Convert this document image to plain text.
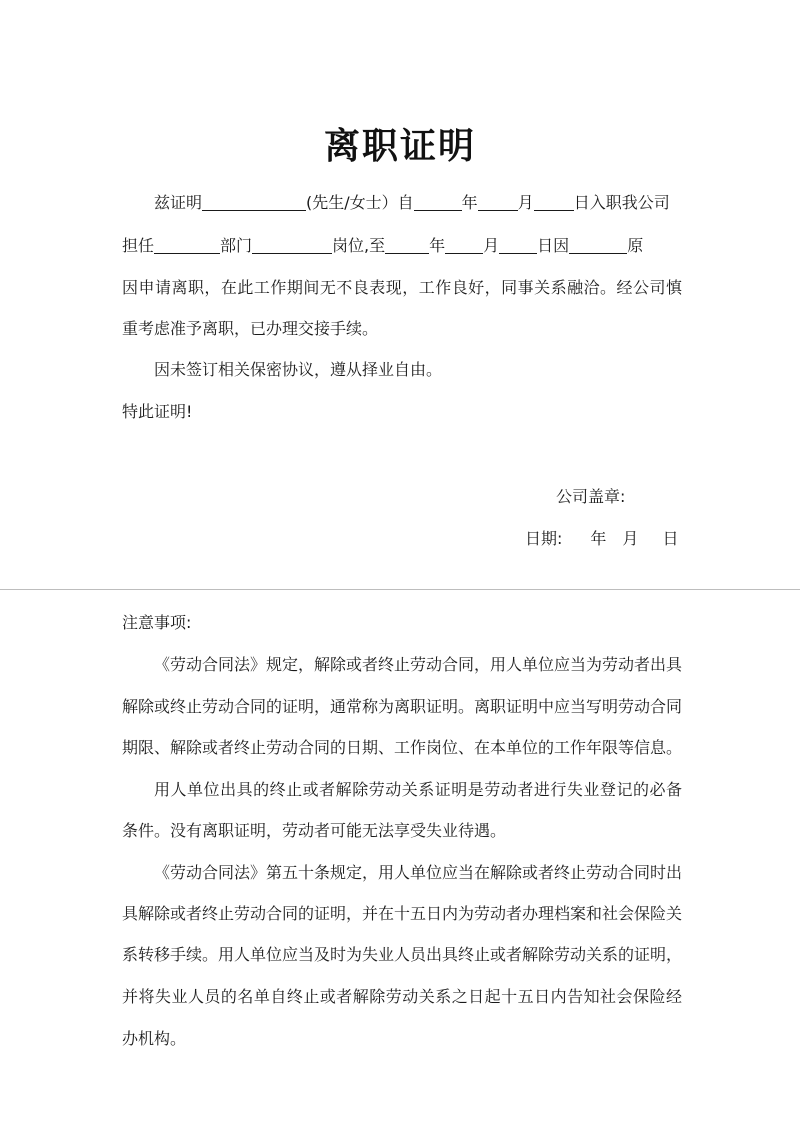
离职证明
兹证明	(先生/女士）自	年	月	日入职我公司
担任	部门	岗位,至	年 月 日因	原
因申请离职，在此工作期间无不良表现，工作良好，同事关系融洽。经公司慎
重考虑准予离职，已办理交接手续。
因未签订相关保密协议，遵从择业自由。
特此证明!
公司盖章:
日期: 年 月 日
注意事项:
《劳动合同法》规定，解除或者终止劳动合同，用人单位应当为劳动者出具
解除或终止劳动合同的证明，通常称为离职证明。离职证明中应当写明劳动合同
期限、解除或者终止劳动合同的日期、工作岗位、在本单位的工作年限等信息。
用人单位出具的终止或者解除劳动关系证明是劳动者进行失业登记的必备
条件。没有离职证明，劳动者可能无法享受失业待遇。
《劳动合同法》第五十条规定，用人单位应当在解除或者终止劳动合同时出
具解除或者终止劳动合同的证明，并在十五日内为劳动者办理档案和社会保险关
系转移手续。用人单位应当及时为失业人员出具终止或者解除劳动关系的证明，
并将失业人员的名单自终止或者解除劳动关系之日起十五日内告知社会保险经
办机构。
